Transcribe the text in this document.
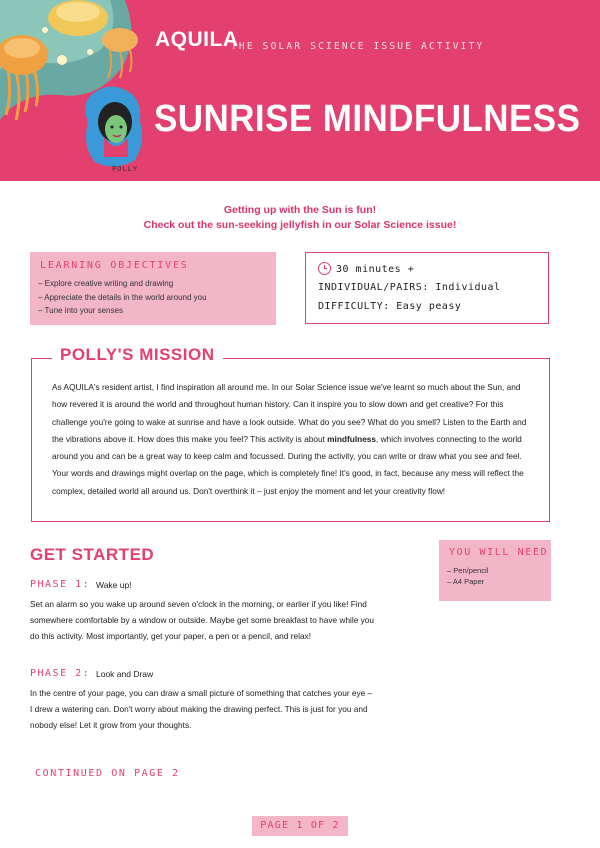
AQUILA
THE SOLAR SCIENCE ISSUE ACTIVITY
SUNRISE MINDFULNESS
POLLY
Getting up with the Sun is fun!
Check out the sun-seeking jellyfish in our Solar Science issue!
LEARNING OBJECTIVES
– Explore creative writing and drawing
– Appreciate the details in the world around you
– Tune into your senses
30 minutes +
INDIVIDUAL/PAIRS: Individual
DIFFICULTY: Easy peasy
POLLY'S MISSION

As AQUILA's resident artist, I find inspiration all around me. In our Solar Science issue we've learnt so much about the Sun, and how revered it is around the world and throughout human history. Can it inspire you to slow down and get creative? For this challenge you're going to wake at sunrise and have a look outside. What do you see? What do you smell? Listen to the Earth and the vibrations above it. How does this make you feel? This activity is about mindfulness, which involves connecting to the world around you and can be a great way to keep calm and focussed. During the activity, you can write or draw what you see and feel. Your words and drawings might overlap on the page, which is completely fine! It's good, in fact, because any mess will reflect the complex, detailed world all around us. Don't overthink it – just enjoy the moment and let your creativity flow!

GET STARTED
PHASE 1: Wake up!

Set an alarm so you wake up around seven o'clock in the morning, or earlier if you like! Find somewhere comfortable by a window or outside. Maybe get some breakfast to have while you do this activity. Most importantly, get your paper, a pen or a pencil, and relax!

PHASE 2: Look and Draw

In the centre of your page, you can draw a small picture of something that catches your eye – I drew a watering can. Don't worry about making the drawing perfect. This is just for you and nobody else! Let it grow from your thoughts.

YOU WILL NEED
– Pen/pencil
– A4 Paper
CONTINUED ON PAGE 2
PAGE 1 OF 2
